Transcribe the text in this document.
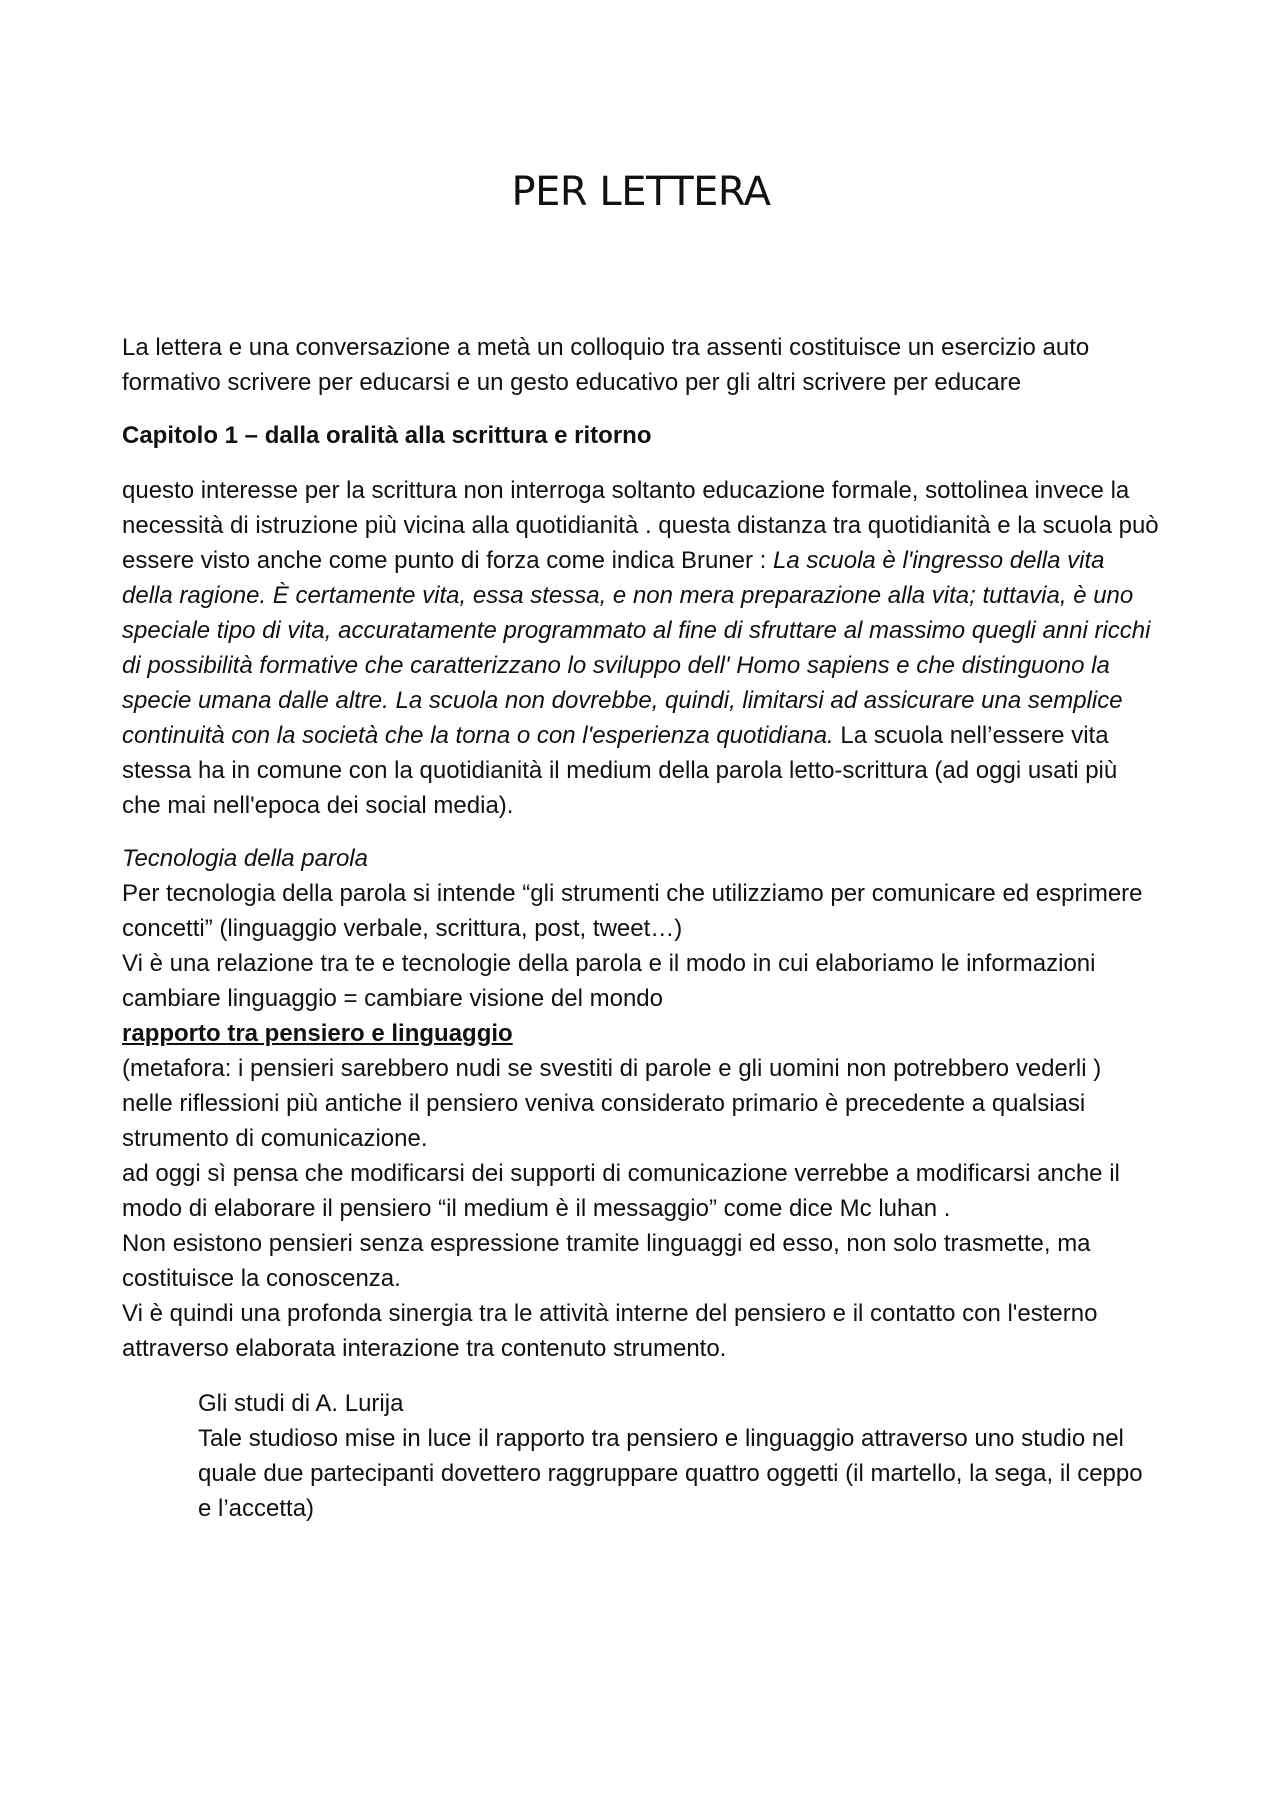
PER LETTERA

La lettera e una conversazione a metà un colloquio tra assenti costituisce un esercizio auto formativo scrivere per educarsi e un gesto educativo per gli altri scrivere per educare

Capitolo 1 – dalla oralità alla scrittura e ritorno

questo interesse per la scrittura non interroga soltanto educazione formale, sottolinea invece la necessità di istruzione più vicina alla quotidianità . questa distanza tra quotidianità e la scuola può essere visto anche come punto di forza come indica Bruner : La scuola è l'ingresso della vita della ragione. È certamente vita, essa stessa, e non mera preparazione alla vita; tuttavia, è uno speciale tipo di vita, accuratamente programmato al fine di sfruttare al massimo quegli anni ricchi di possibilità formative che caratterizzano lo sviluppo dell' Homo sapiens e che distinguono la specie umana dalle altre. La scuola non dovrebbe, quindi, limitarsi ad assicurare una semplice continuità con la società che la torna o con l'esperienza quotidiana. La scuola nell’essere vita stessa ha in comune con la quotidianità il medium della parola letto-scrittura (ad oggi usati più che mai nell'epoca dei social media).

Tecnologia della parola

Per tecnologia della parola si intende “gli strumenti che utilizziamo per comunicare ed esprimere concetti” (linguaggio verbale, scrittura, post, tweet…)

Vi è una relazione tra te e tecnologie della parola e il modo in cui elaboriamo le informazioni

cambiare linguaggio = cambiare visione del mondo

rapporto tra pensiero e linguaggio

(metafora: i pensieri sarebbero nudi se svestiti di parole e gli uomini non potrebbero vederli )

nelle riflessioni più antiche il pensiero veniva considerato primario è precedente a qualsiasi strumento di comunicazione.

ad oggi sì pensa che modificarsi dei supporti di comunicazione verrebbe a modificarsi anche il modo di elaborare il pensiero “il medium è il messaggio” come dice Mc luhan .

Non esistono pensieri senza espressione tramite linguaggi ed esso, non solo trasmette, ma costituisce la conoscenza.

Vi è quindi una profonda sinergia tra le attività interne del pensiero e il contatto con l'esterno attraverso elaborata interazione tra contenuto strumento.

Gli studi di A. Lurija

Tale studioso mise in luce il rapporto tra pensiero e linguaggio attraverso uno studio nel quale due partecipanti dovettero raggruppare quattro oggetti (il martello, la sega, il ceppo e l’accetta)
